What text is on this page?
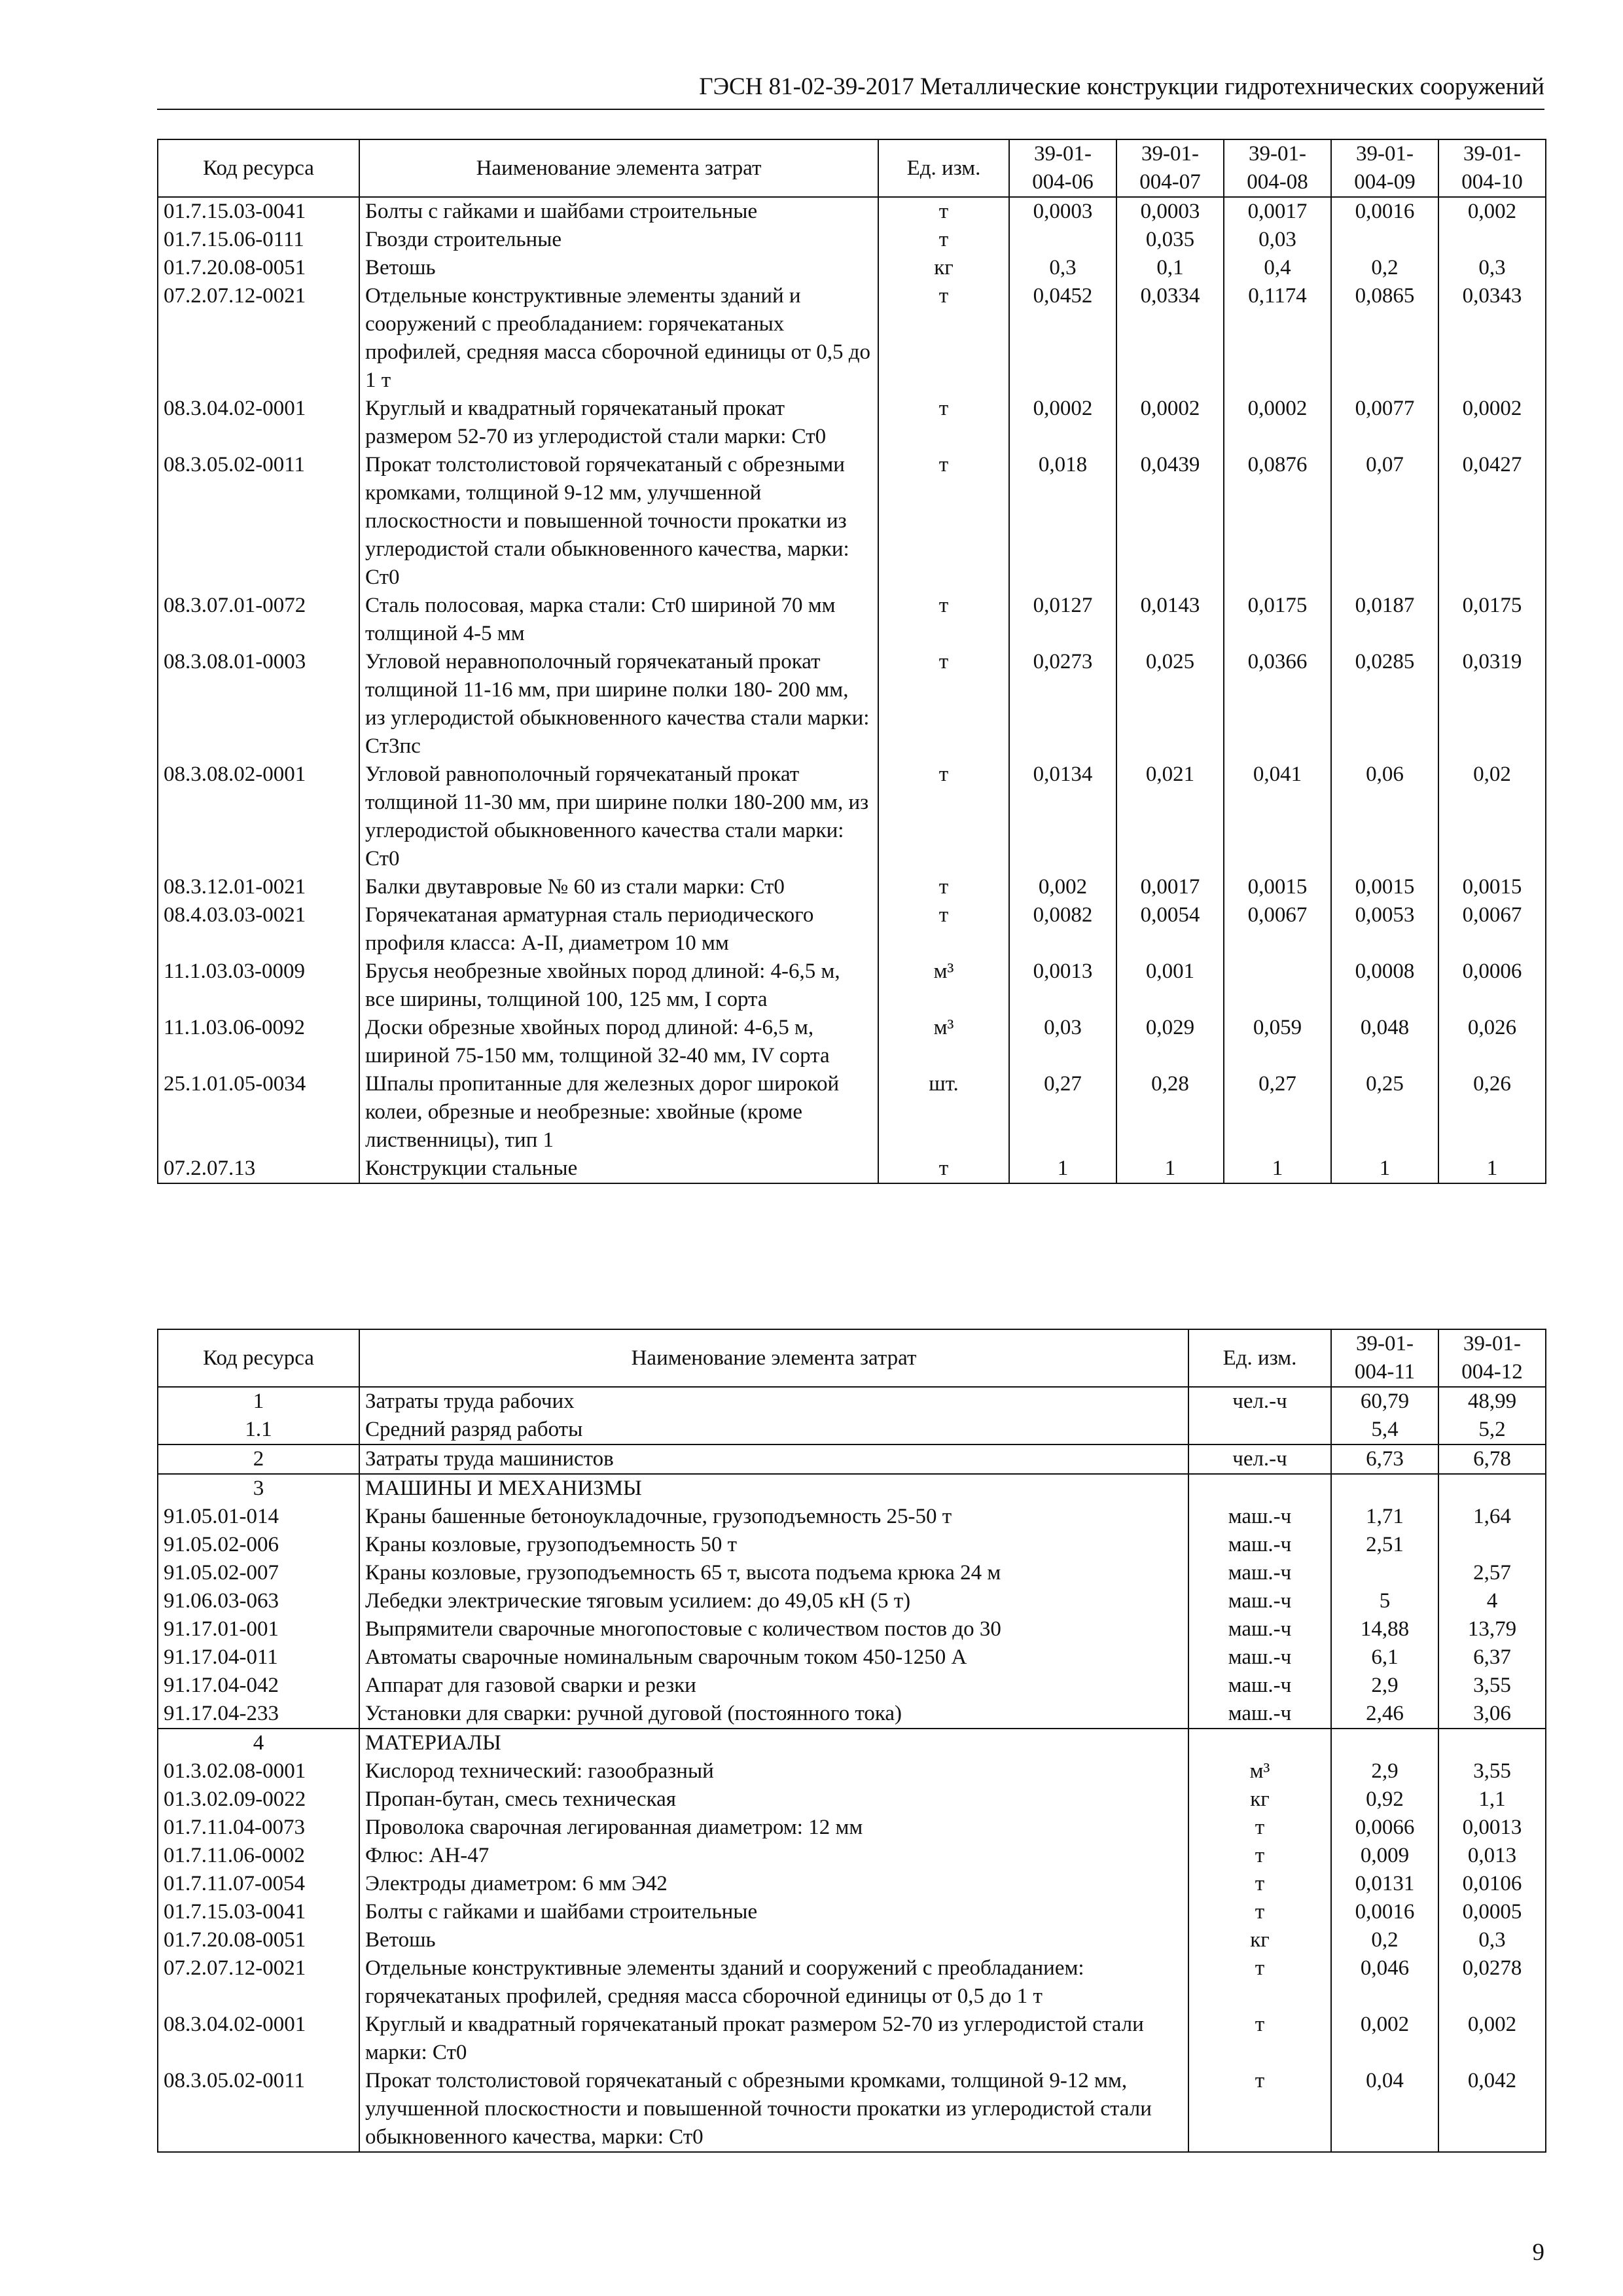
ГЭСН 81-02-39-2017 Металлические конструкции гидротехнических сооружений
Код ресурса	Наименование элемента затрат	Ед. изм.	39-01-
004-06	39-01-
004-07	39-01-
004-08	39-01-
004-09	39-01-
004-10
01.7.15.03-0041	Болты с гайками и шайбами строительные	т	0,0003	0,0003	0,0017	0,0016	0,002
01.7.15.06-0111	Гвозди строительные	т		0,035	0,03		
01.7.20.08-0051	Ветошь	кг	0,3	0,1	0,4	0,2	0,3
07.2.07.12-0021	Отдельные конструктивные элементы зданий и сооружений с преобладанием: горячекатаных профилей, средняя масса сборочной единицы от 0,5 до 1 т	т	0,0452	0,0334	0,1174	0,0865	0,0343
08.3.04.02-0001	Круглый и квадратный горячекатаный прокат размером 52-70 из углеродистой стали марки: Ст0	т	0,0002	0,0002	0,0002	0,0077	0,0002
08.3.05.02-0011	Прокат толстолистовой горячекатаный с обрезными кромками, толщиной 9-12 мм, улучшенной плоскостности и повышенной точности прокатки из углеродистой стали обыкновенного качества, марки: Ст0	т	0,018	0,0439	0,0876	0,07	0,0427
08.3.07.01-0072	Сталь полосовая, марка стали: Ст0 шириной 70 мм толщиной 4-5 мм	т	0,0127	0,0143	0,0175	0,0187	0,0175
08.3.08.01-0003	Угловой неравнополочный горячекатаный прокат толщиной 11-16 мм, при ширине полки 180- 200 мм, из углеродистой обыкновенного качества стали марки: Ст3пс	т	0,0273	0,025	0,0366	0,0285	0,0319
08.3.08.02-0001	Угловой равнополочный горячекатаный прокат толщиной 11-30 мм, при ширине полки 180-200 мм, из углеродистой обыкновенного качества стали марки: Ст0	т	0,0134	0,021	0,041	0,06	0,02
08.3.12.01-0021	Балки двутавровые № 60 из стали марки: Ст0	т	0,002	0,0017	0,0015	0,0015	0,0015
08.4.03.03-0021	Горячекатаная арматурная сталь периодического профиля класса: А-II, диаметром 10 мм	т	0,0082	0,0054	0,0067	0,0053	0,0067
11.1.03.03-0009	Брусья необрезные хвойных пород длиной: 4-6,5 м, все ширины, толщиной 100, 125 мм, I сорта	м³	0,0013	0,001		0,0008	0,0006
11.1.03.06-0092	Доски обрезные хвойных пород длиной: 4-6,5 м, шириной 75-150 мм, толщиной 32-40 мм, IV сорта	м³	0,03	0,029	0,059	0,048	0,026
25.1.01.05-0034	Шпалы пропитанные для железных дорог широкой колеи, обрезные и необрезные: хвойные (кроме лиственницы), тип 1	шт.	0,27	0,28	0,27	0,25	0,26
07.2.07.13	Конструкции стальные	т	1	1	1	1	1
Код ресурса	Наименование элемента затрат	Ед. изм.	39-01-
004-11	39-01-
004-12
1	Затраты труда рабочих	чел.-ч	60,79	48,99
1.1	Средний разряд работы		5,4	5,2
2	Затраты труда машинистов	чел.-ч	6,73	6,78
3	МАШИНЫ И МЕХАНИЗМЫ			
91.05.01-014	Краны башенные бетоноукладочные, грузоподъемность 25-50 т	маш.-ч	1,71	1,64
91.05.02-006	Краны козловые, грузоподъемность 50 т	маш.-ч	2,51	
91.05.02-007	Краны козловые, грузоподъемность 65 т, высота подъема крюка 24 м	маш.-ч		2,57
91.06.03-063	Лебедки электрические тяговым усилием: до 49,05 кН (5 т)	маш.-ч	5	4
91.17.01-001	Выпрямители сварочные многопостовые с количеством постов до 30	маш.-ч	14,88	13,79
91.17.04-011	Автоматы сварочные номинальным сварочным током 450-1250 А	маш.-ч	6,1	6,37
91.17.04-042	Аппарат для газовой сварки и резки	маш.-ч	2,9	3,55
91.17.04-233	Установки для сварки: ручной дуговой (постоянного тока)	маш.-ч	2,46	3,06
4	МАТЕРИАЛЫ			
01.3.02.08-0001	Кислород технический: газообразный	м³	2,9	3,55
01.3.02.09-0022	Пропан-бутан, смесь техническая	кг	0,92	1,1
01.7.11.04-0073	Проволока сварочная легированная диаметром: 12 мм	т	0,0066	0,0013
01.7.11.06-0002	Флюс: АН-47	т	0,009	0,013
01.7.11.07-0054	Электроды диаметром: 6 мм Э42	т	0,0131	0,0106
01.7.15.03-0041	Болты с гайками и шайбами строительные	т	0,0016	0,0005
01.7.20.08-0051	Ветошь	кг	0,2	0,3
07.2.07.12-0021	Отдельные конструктивные элементы зданий и сооружений с преобладанием: горячекатаных профилей, средняя масса сборочной единицы от 0,5 до 1 т	т	0,046	0,0278
08.3.04.02-0001	Круглый и квадратный горячекатаный прокат размером 52-70 из углеродистой стали марки: Ст0	т	0,002	0,002
08.3.05.02-0011	Прокат толстолистовой горячекатаный с обрезными кромками, толщиной 9-12 мм, улучшенной плоскостности и повышенной точности прокатки из углеродистой стали обыкновенного качества, марки: Ст0	т	0,04	0,042
9
